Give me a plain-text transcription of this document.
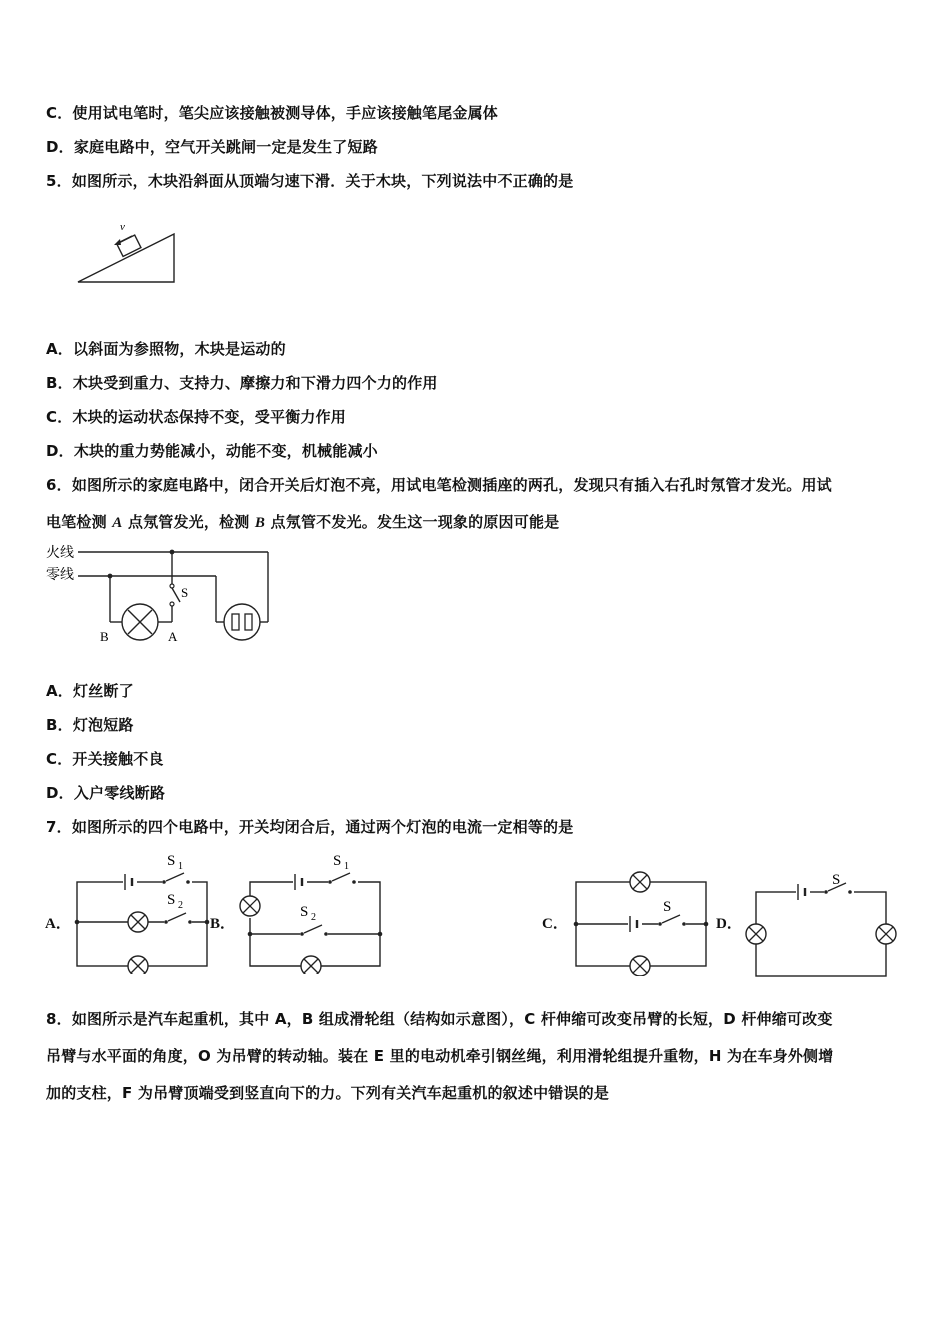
C．使用试电笔时，笔尖应该接触被测导体，手应该接触笔尾金属体
D．家庭电路中，空气开关跳闸一定是发生了短路
5．如图所示，木块沿斜面从顶端匀速下滑．关于木块，下列说法中不正确的是
v
A．以斜面为参照物，木块是运动的
B．木块受到重力、支持力、摩擦力和下滑力四个力的作用
C．木块的运动状态保持不变，受平衡力作用
D．木块的重力势能减小，动能不变，机械能减小
6．如图所示的家庭电路中，闭合开关后灯泡不亮，用试电笔检测插座的两孔，发现只有插入右孔时氖管才发光。用试
电笔检测 A 点氖管发光，检测 B 点氖管不发光。发生这一现象的原因可能是
火线
零线
S
B	A
A．灯丝断了
B．灯泡短路
C．开关接触不良
D．入户零线断路
7．如图所示的四个电路中，开关均闭合后，通过两个灯泡的电流一定相等的是
A．	B．	C．	D．
S 1
S 2
S 1
S 2
S
S
8．如图所示是汽车起重机，其中 A，B 组成滑轮组（结构如示意图），C 杆伸缩可改变吊臂的长短，D 杆伸缩可改变
吊臂与水平面的角度，O 为吊臂的转动轴。装在 E 里的电动机牵引钢丝绳，利用滑轮组提升重物，H 为在车身外侧增
加的支柱，F 为吊臂顶端受到竖直向下的力。下列有关汽车起重机的叙述中错误的是
